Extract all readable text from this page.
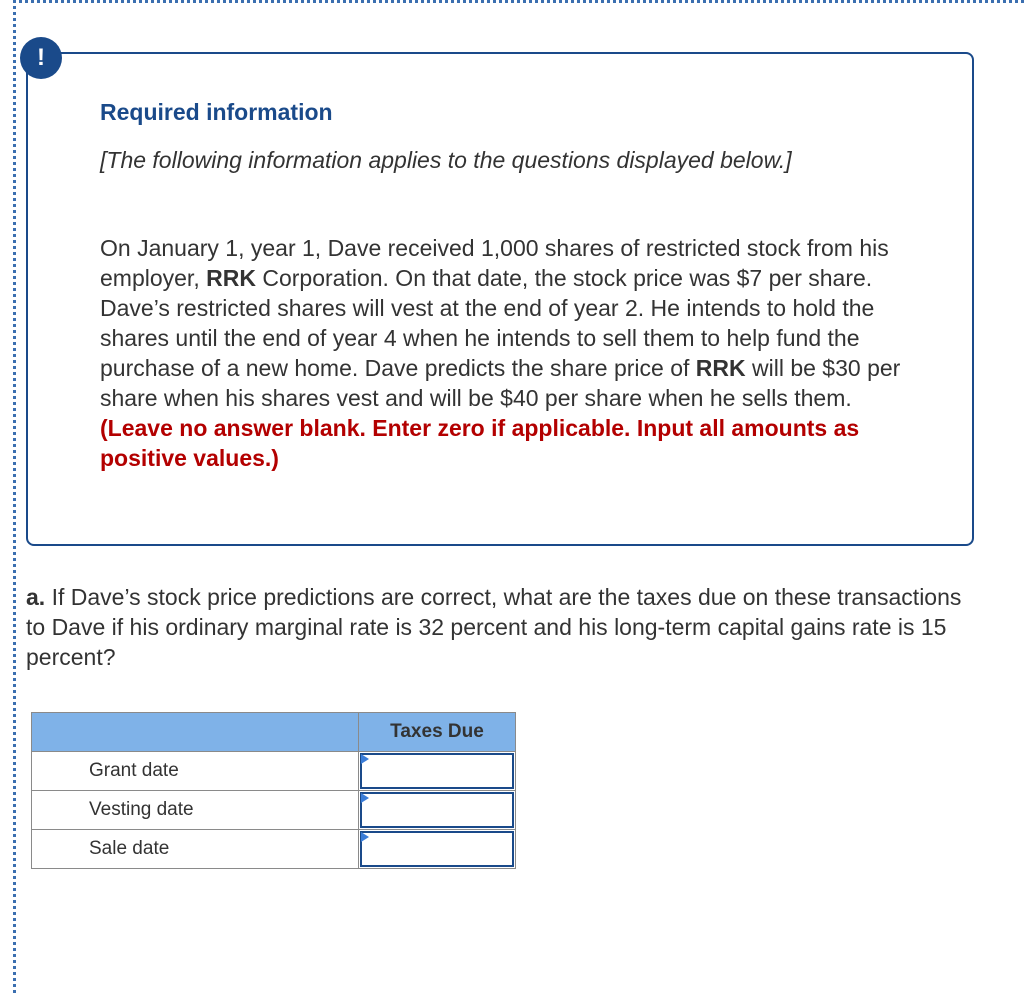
!
Required information
[The following information applies to the questions displayed below.]
On January 1, year 1, Dave received 1,000 shares of restricted stock from his employer, RRK Corporation. On that date, the stock price was $7 per share. Dave’s restricted shares will vest at the end of year 2. He intends to hold the shares until the end of year 4 when he intends to sell them to help fund the purchase of a new home. Dave predicts the share price of RRK will be $30 per share when his shares vest and will be $40 per share when he sells them. (Leave no answer blank. Enter zero if applicable. Input all amounts as positive values.)
a. If Dave’s stock price predictions are correct, what are the taxes due on these transactions to Dave if his ordinary marginal rate is 32 percent and his long-term capital gains rate is 15 percent?
	Taxes Due
Grant date	

Vesting date	

Sale date	
